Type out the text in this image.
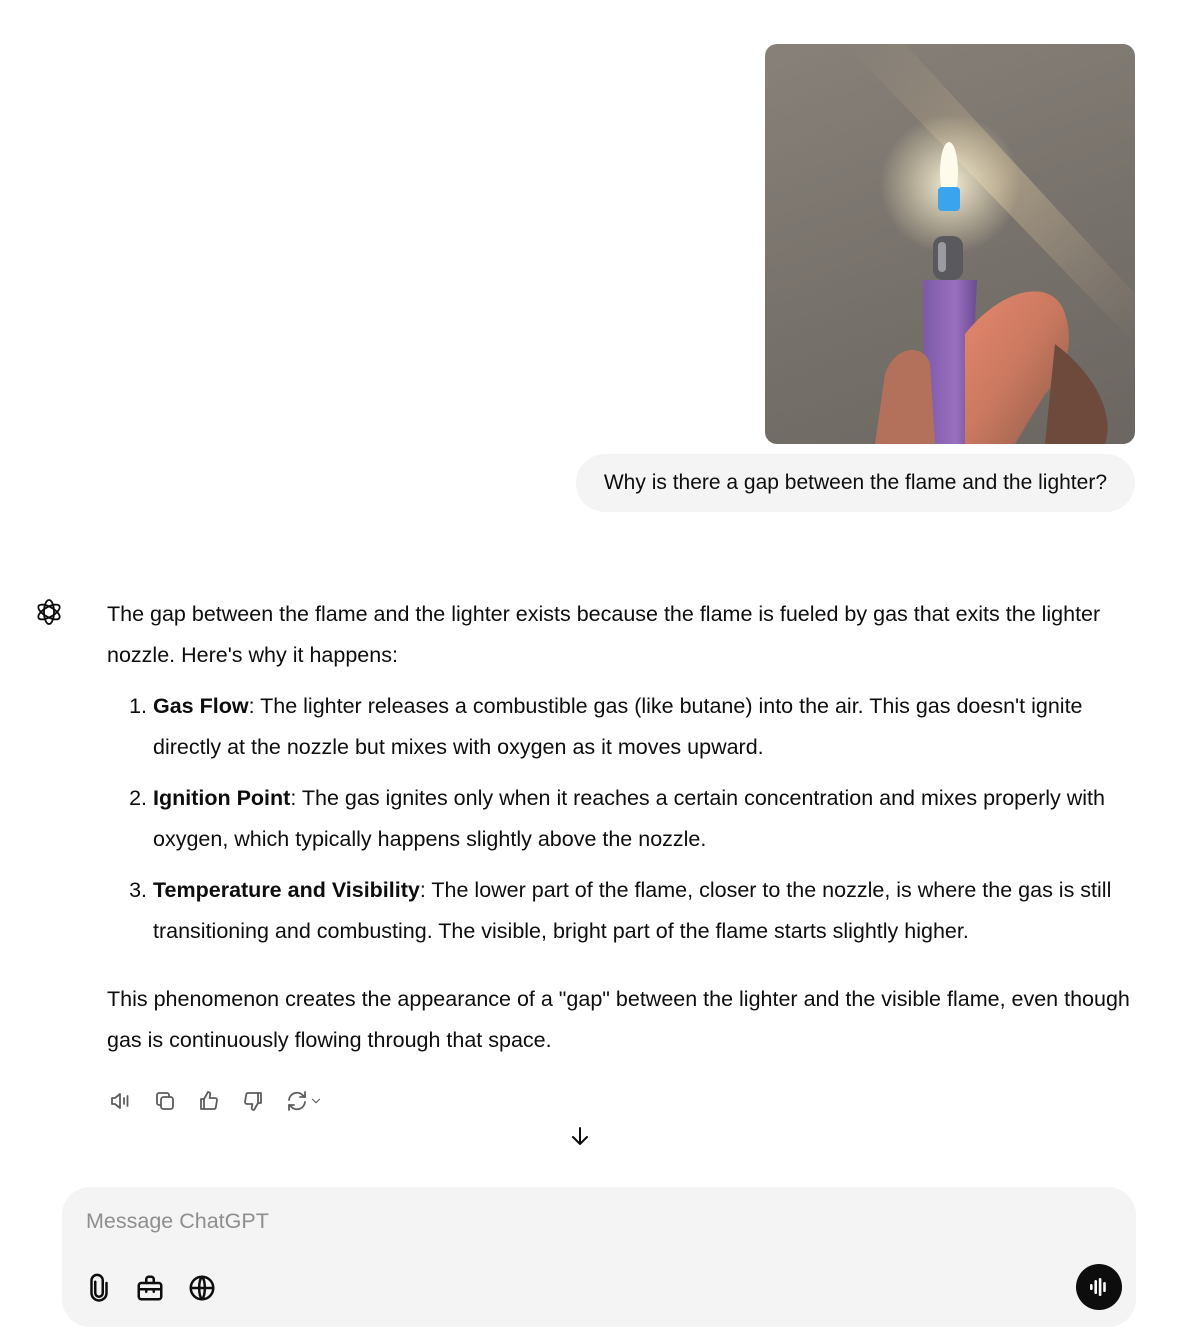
Why is there a gap between the flame and the lighter?

The gap between the flame and the lighter exists because the flame is fueled by gas that exits the lighter nozzle. Here's why it happens:

1. Gas Flow: The lighter releases a combustible gas (like butane) into the air. This gas doesn't ignite directly at the nozzle but mixes with oxygen as it moves upward.
2. Ignition Point: The gas ignites only when it reaches a certain concentration and mixes properly with oxygen, which typically happens slightly above the nozzle.
3. Temperature and Visibility: The lower part of the flame, closer to the nozzle, is where the gas is still transitioning and combusting. The visible, bright part of the flame starts slightly higher.

This phenomenon creates the appearance of a "gap" between the lighter and the visible flame, even though gas is continuously flowing through that space.

Message ChatGPT
